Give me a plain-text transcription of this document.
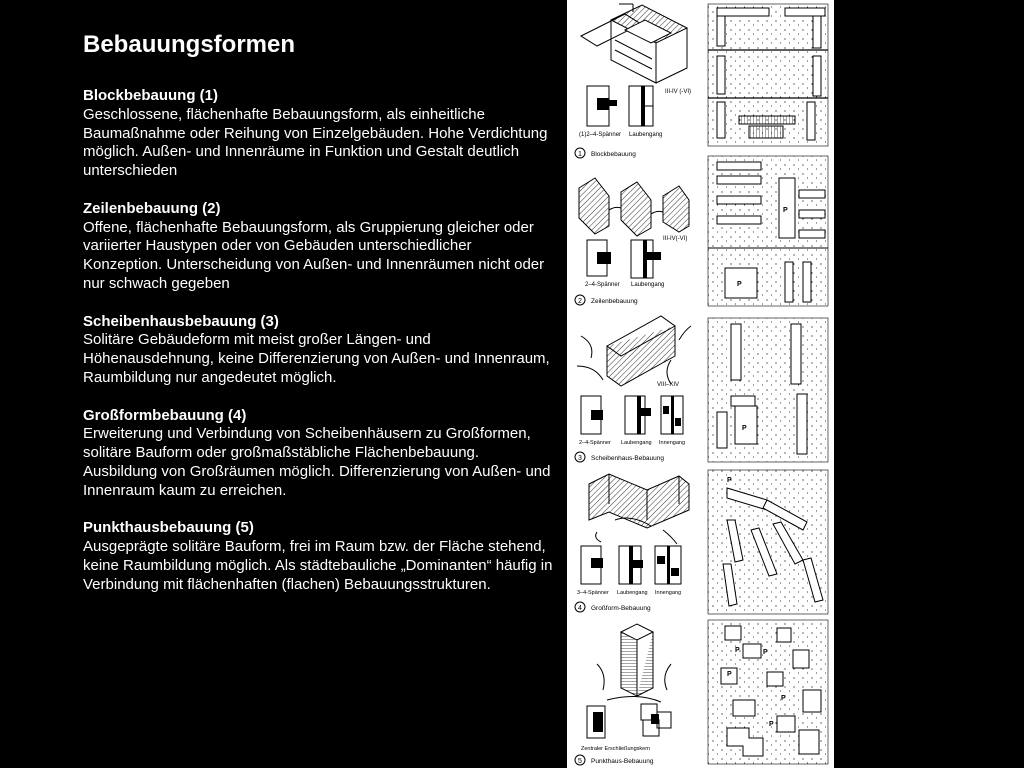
Bebauungsformen
Blockbebauung (1)
Geschlossene, flächenhafte Bebauungsform, als einheitliche Baumaßnahme oder Reihung von Einzelgebäuden. Hohe Verdichtung möglich. Außen- und Innenräume in Funktion und Gestalt deutlich unterschieden
Zeilenbebauung (2)
Offene, flächenhafte Bebauungsform, als Gruppierung gleicher oder variierter Haustypen oder von Gebäuden unterschiedlicher Konzeption. Unterscheidung von Außen- und Innenräumen nicht oder nur schwach gegeben
Scheibenhausbebauung (3)
Solitäre Gebäudeform mit meist großer Längen- und Höhenausdehnung, keine Differenzierung von Außen- und Innenraum, Raumbildung nur angedeutet möglich.
Großformbebauung (4)
Erweiterung und Verbindung von Scheibenhäusern zu Großformen, solitäre Bauform oder großmaßstäbliche Flächenbebauung. Ausbildung von Großräumen möglich. Differenzierung von Außen- und Innenraum kaum zu erreichen.
Punkthausbebauung (5)
Ausgeprägte solitäre Bauform, frei im Raum bzw. der Fläche stehend, keine Raumbildung möglich. Als städtebauliche „Dominanten“ häufig in Verbindung mit flächenhaften (flachen) Bebauungsstrukturen.
III-IV (-VI)
(1)2–4-Spänner Laubengang
1 Blockbebauung
III-IV(-VI)
2–4-Spänner Laubengang
P
P
2 Zeilenbebauung
VIII–XIV
2–4-Spänner Laubengang Innengang
P
3 Scheibenhaus-Bebauung
3–4-Spänner Laubengang Innengang
P
4 Großform-Bebauung
Zentraler Erschließungskern
P	P
P
P
P
5 Punkthaus-Bebauung
